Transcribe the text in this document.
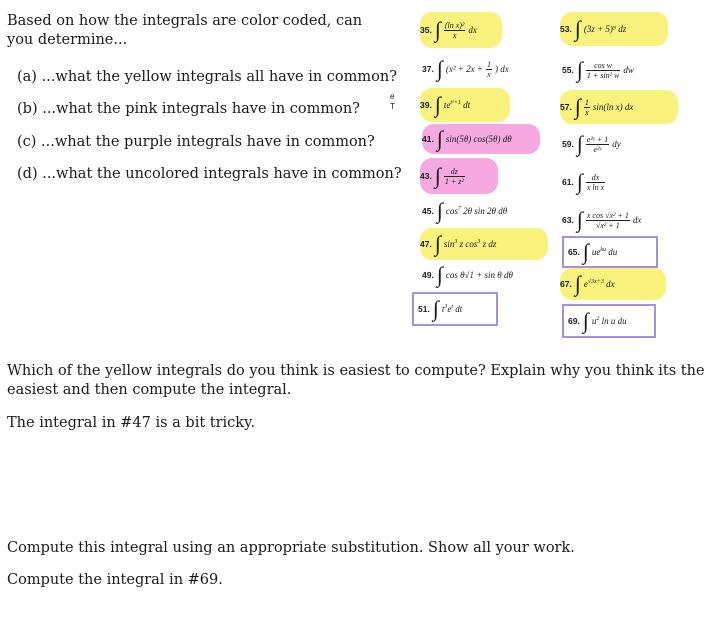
Based on how the integrals are color coded, can you determine...
(a) ...what the yellow integrals all have in common?
(b) ...what the pink integrals have in common?
(c) ...what the purple integrals have in common?
(d) ...what the uncolored integrals have in common?
e T
35. ∫ $\frac{\text{(ln x)²}}{x}$ dx
37. ∫ ($x^2 + 2x + \frac{1}{x}$ ) dx
39. ∫ $te^{t^2+1}$ dt
41. ∫ sin(5θ) cos(5θ) dθ
43. ∫ $\frac{dz}{\text{1 + z²}}$
45. ∫ $\cos^7 2\theta$ sin 2θ dθ
47. ∫ $\sin^3 z$ $\cos^3 z$ dz
49. ∫ cos θ√1 + sin θ dθ
51. ∫ $t^3e^t$ dt
53. ∫ (3z + 5)⁹ dz
55. ∫ $\frac{\text{cos w}}{\text{1 + sin² w}}$ dw
57. ∫ $\frac{1}{x} \sin(\ln$ x) dx
59. ∫ $\frac{\text{e²ʸ + 1}}{\text{e²ʸ}}$ dy
61. ∫ $\frac{dx}{\text{x ln x}}$
63. ∫ $\frac{\text{x cos √x² + 1}}{\text{√x² + 1}}$ dx
65. ∫ $ue^{ku}$ du
67. ∫ $e^{√3x+3}$ dx
69. ∫ $u^2$ ln u du
Which of the yellow integrals do you think is easiest to compute? Explain why you think its the easiest and then compute the integral.
The integral in #47 is a bit tricky.
Compute this integral using an appropriate substitution. Show all your work.
Compute the integral in #69.
